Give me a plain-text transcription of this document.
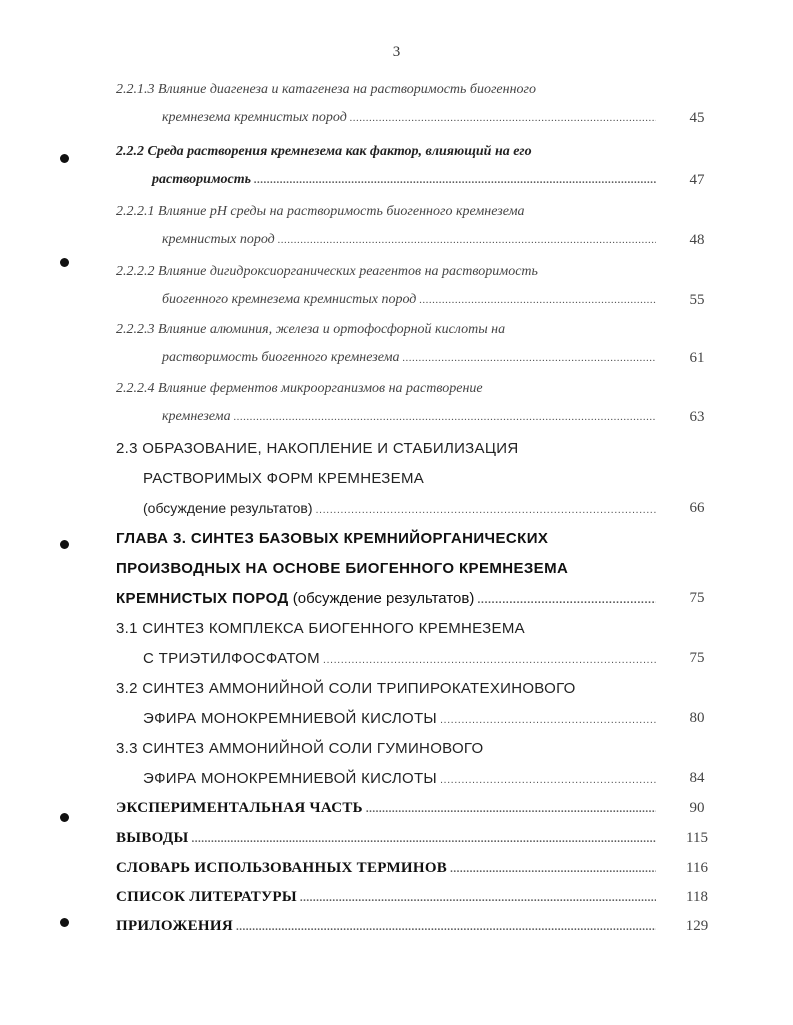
3
2.2.1.3 Влияние диагенеза и катагенеза на растворимость биогенного
кремнезема кремнистых пород .....	45
2.2.2 Среда растворения кремнезема как фактор, влияющий на его
растворимость .....	47
2.2.2.1 Влияние pH среды на растворимость биогенного кремнезема
кремнистых пород .....	48
2.2.2.2 Влияние дигидроксиорганических реагентов на растворимость
биогенного кремнезема кремнистых пород .....	55
2.2.2.3 Влияние алюминия, железа и ортофосфорной кислоты на
растворимость биогенного кремнезема .....	61
2.2.2.4 Влияние ферментов микроорганизмов на растворение
кремнезема .....	63
2.3 ОБРАЗОВАНИЕ, НАКОПЛЕНИЕ И СТАБИЛИЗАЦИЯ
РАСТВОРИМЫХ ФОРМ КРЕМНЕЗЕМА
(обсуждение результатов) .....	66
ГЛАВА 3. СИНТЕЗ БАЗОВЫХ КРЕМНИЙОРГАНИЧЕСКИХ
ПРОИЗВОДНЫХ НА ОСНОВЕ БИОГЕННОГО КРЕМНЕЗЕМА
КРЕМНИСТЫХ ПОРОД (обсуждение результатов) .....	75
3.1 СИНТЕЗ КОМПЛЕКСА БИОГЕННОГО КРЕМНЕЗЕМА
С ТРИЭТИЛФОСФАТОМ .....	75
3.2 СИНТЕЗ АММОНИЙНОЙ СОЛИ ТРИПИРОКАТЕХИНОВОГО
ЭФИРА МОНОКРЕМНИЕВОЙ КИСЛОТЫ .....	80
3.3 СИНТЕЗ АММОНИЙНОЙ СОЛИ ГУМИНОВОГО
ЭФИРА МОНОКРЕМНИЕВОЙ КИСЛОТЫ .....	84
ЭКСПЕРИМЕНТАЛЬНАЯ ЧАСТЬ .....	90
ВЫВОДЫ .....	115
СЛОВАРЬ ИСПОЛЬЗОВАННЫХ ТЕРМИНОВ .....	116
СПИСОК ЛИТЕРАТУРЫ .....	118
ПРИЛОЖЕНИЯ .....	129
